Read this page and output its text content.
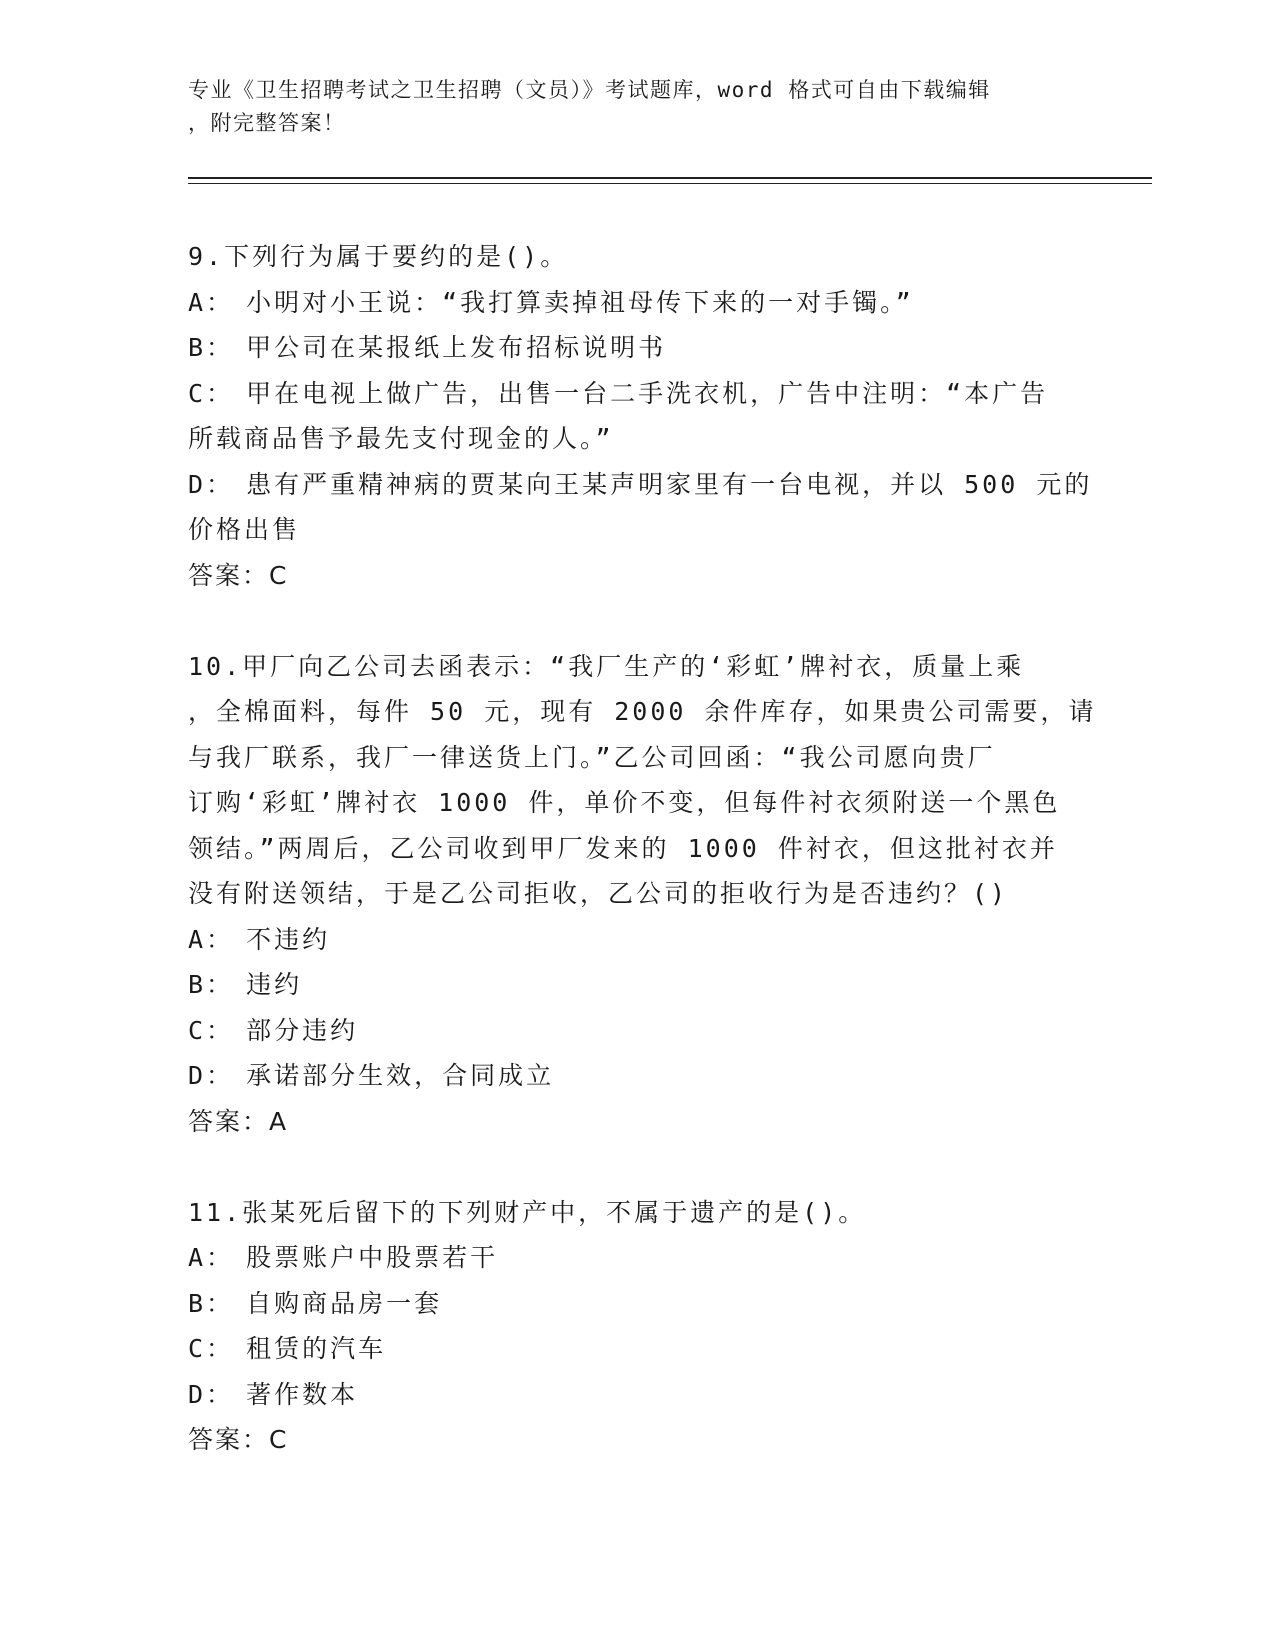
专业《卫生招聘考试之卫生招聘（文员）》考试题库，word 格式可自由下载编辑
，附完整答案！
9.下列行为属于要约的是()。
A： 小明对小王说：“我打算卖掉祖母传下来的一对手镯。”
B： 甲公司在某报纸上发布招标说明书
C： 甲在电视上做广告，出售一台二手洗衣机，广告中注明：“本广告
所载商品售予最先支付现金的人。”
D： 患有严重精神病的贾某向王某声明家里有一台电视，并以 500 元的
价格出售
答案：C
10.甲厂向乙公司去函表示：“我厂生产的‘彩虹’牌衬衣，质量上乘
，全棉面料，每件 50 元，现有 2000 余件库存，如果贵公司需要，请
与我厂联系，我厂一律送货上门。”乙公司回函：“我公司愿向贵厂
订购‘彩虹’牌衬衣 1000 件，单价不变，但每件衬衣须附送一个黑色
领结。”两周后，乙公司收到甲厂发来的 1000 件衬衣，但这批衬衣并
没有附送领结，于是乙公司拒收，乙公司的拒收行为是否违约？()
A： 不违约
B： 违约
C： 部分违约
D： 承诺部分生效，合同成立
答案：A
11.张某死后留下的下列财产中，不属于遗产的是()。
A： 股票账户中股票若干
B： 自购商品房一套
C： 租赁的汽车
D： 著作数本
答案：C
